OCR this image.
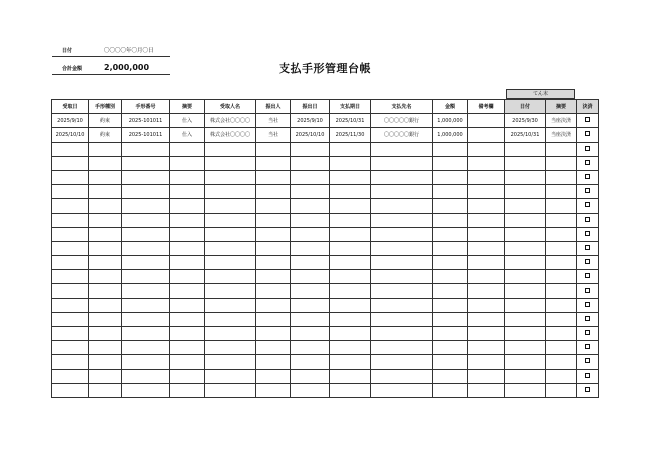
日付	〇〇〇〇年〇月〇日
合計金額	2,000,000	支払手形管理台帳
てん末
受取日	手形種別	手形番号	摘要	受取人名	振出人	振出日	支払期日	支払先名	金額	備考欄	日付	摘要	決済
2025/9/10	約束	2025-101011	仕入	株式会社〇〇〇〇	当社	2025/9/10	2025/10/31	〇〇〇〇〇銀行	1,000,000		2025/9/30	当座決済	
2025/10/10	約束	2025-101011	仕入	株式会社〇〇〇〇	当社	2025/10/10	2025/11/30	〇〇〇〇〇銀行	1,000,000		2025/10/31	当座決済	
